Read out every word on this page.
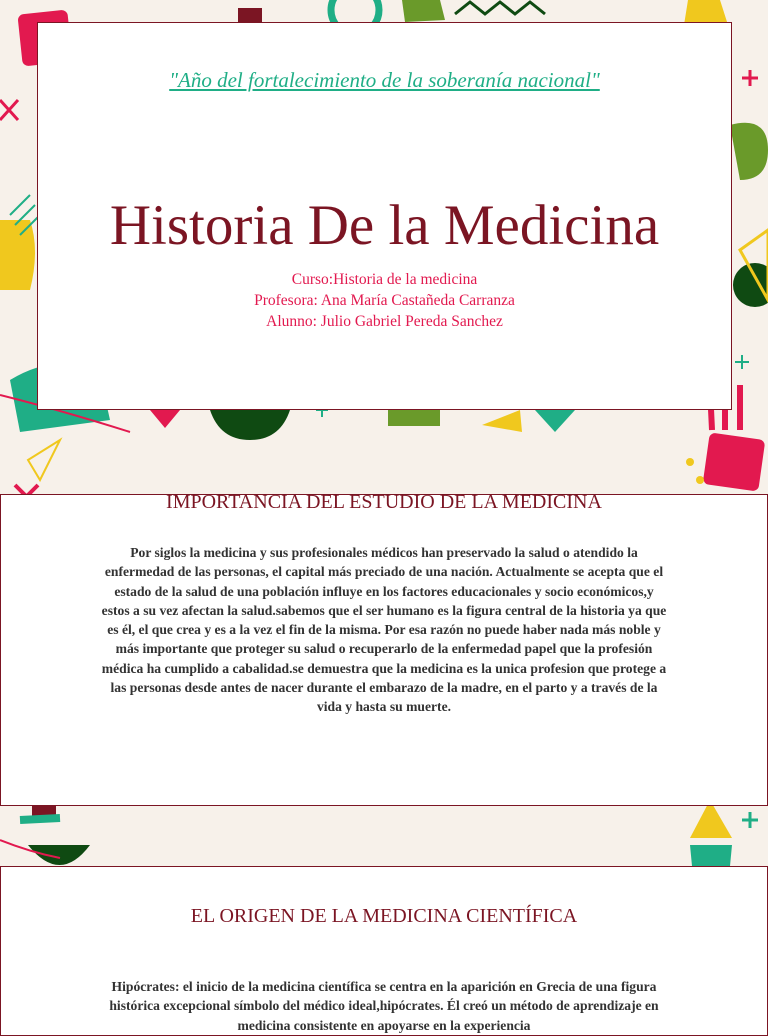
"Año del fortalecimiento de la soberanía nacional"
Historia De la Medicina
Curso:Historia de la medicina
Profesora: Ana María Castañeda Carranza
Alunno: Julio Gabriel Pereda Sanchez
IMPORTANCIA DEL ESTUDIO DE LA MEDICINA
Por siglos la medicina y sus profesionales médicos han preservado la salud o atendido la enfermedad de las personas, el capital más preciado de una nación. Actualmente se acepta que el estado de la salud de una población influye en los factores educacionales y socio económicos,y estos a su vez afectan la salud.sabemos que el ser humano es la figura central de la historia ya que es él, el que crea y es a la vez el fin de la misma. Por esa razón no puede haber nada más noble y más importante que proteger su salud o recuperarlo de la enfermedad papel que la profesión médica ha cumplido a cabalidad.se demuestra que la medicina es la unica profesion que protege a las personas desde antes de nacer durante el embarazo de la madre, en el parto y a través de la vida y hasta su muerte.
EL ORIGEN DE LA MEDICINA CIENTÍFICA
Hipócrates: el inicio de la medicina científica se centra en la aparición en Grecia de una figura histórica excepcional símbolo del médico ideal,hipócrates. Él creó un método de aprendizaje en medicina consistente en apoyarse en la experiencia
